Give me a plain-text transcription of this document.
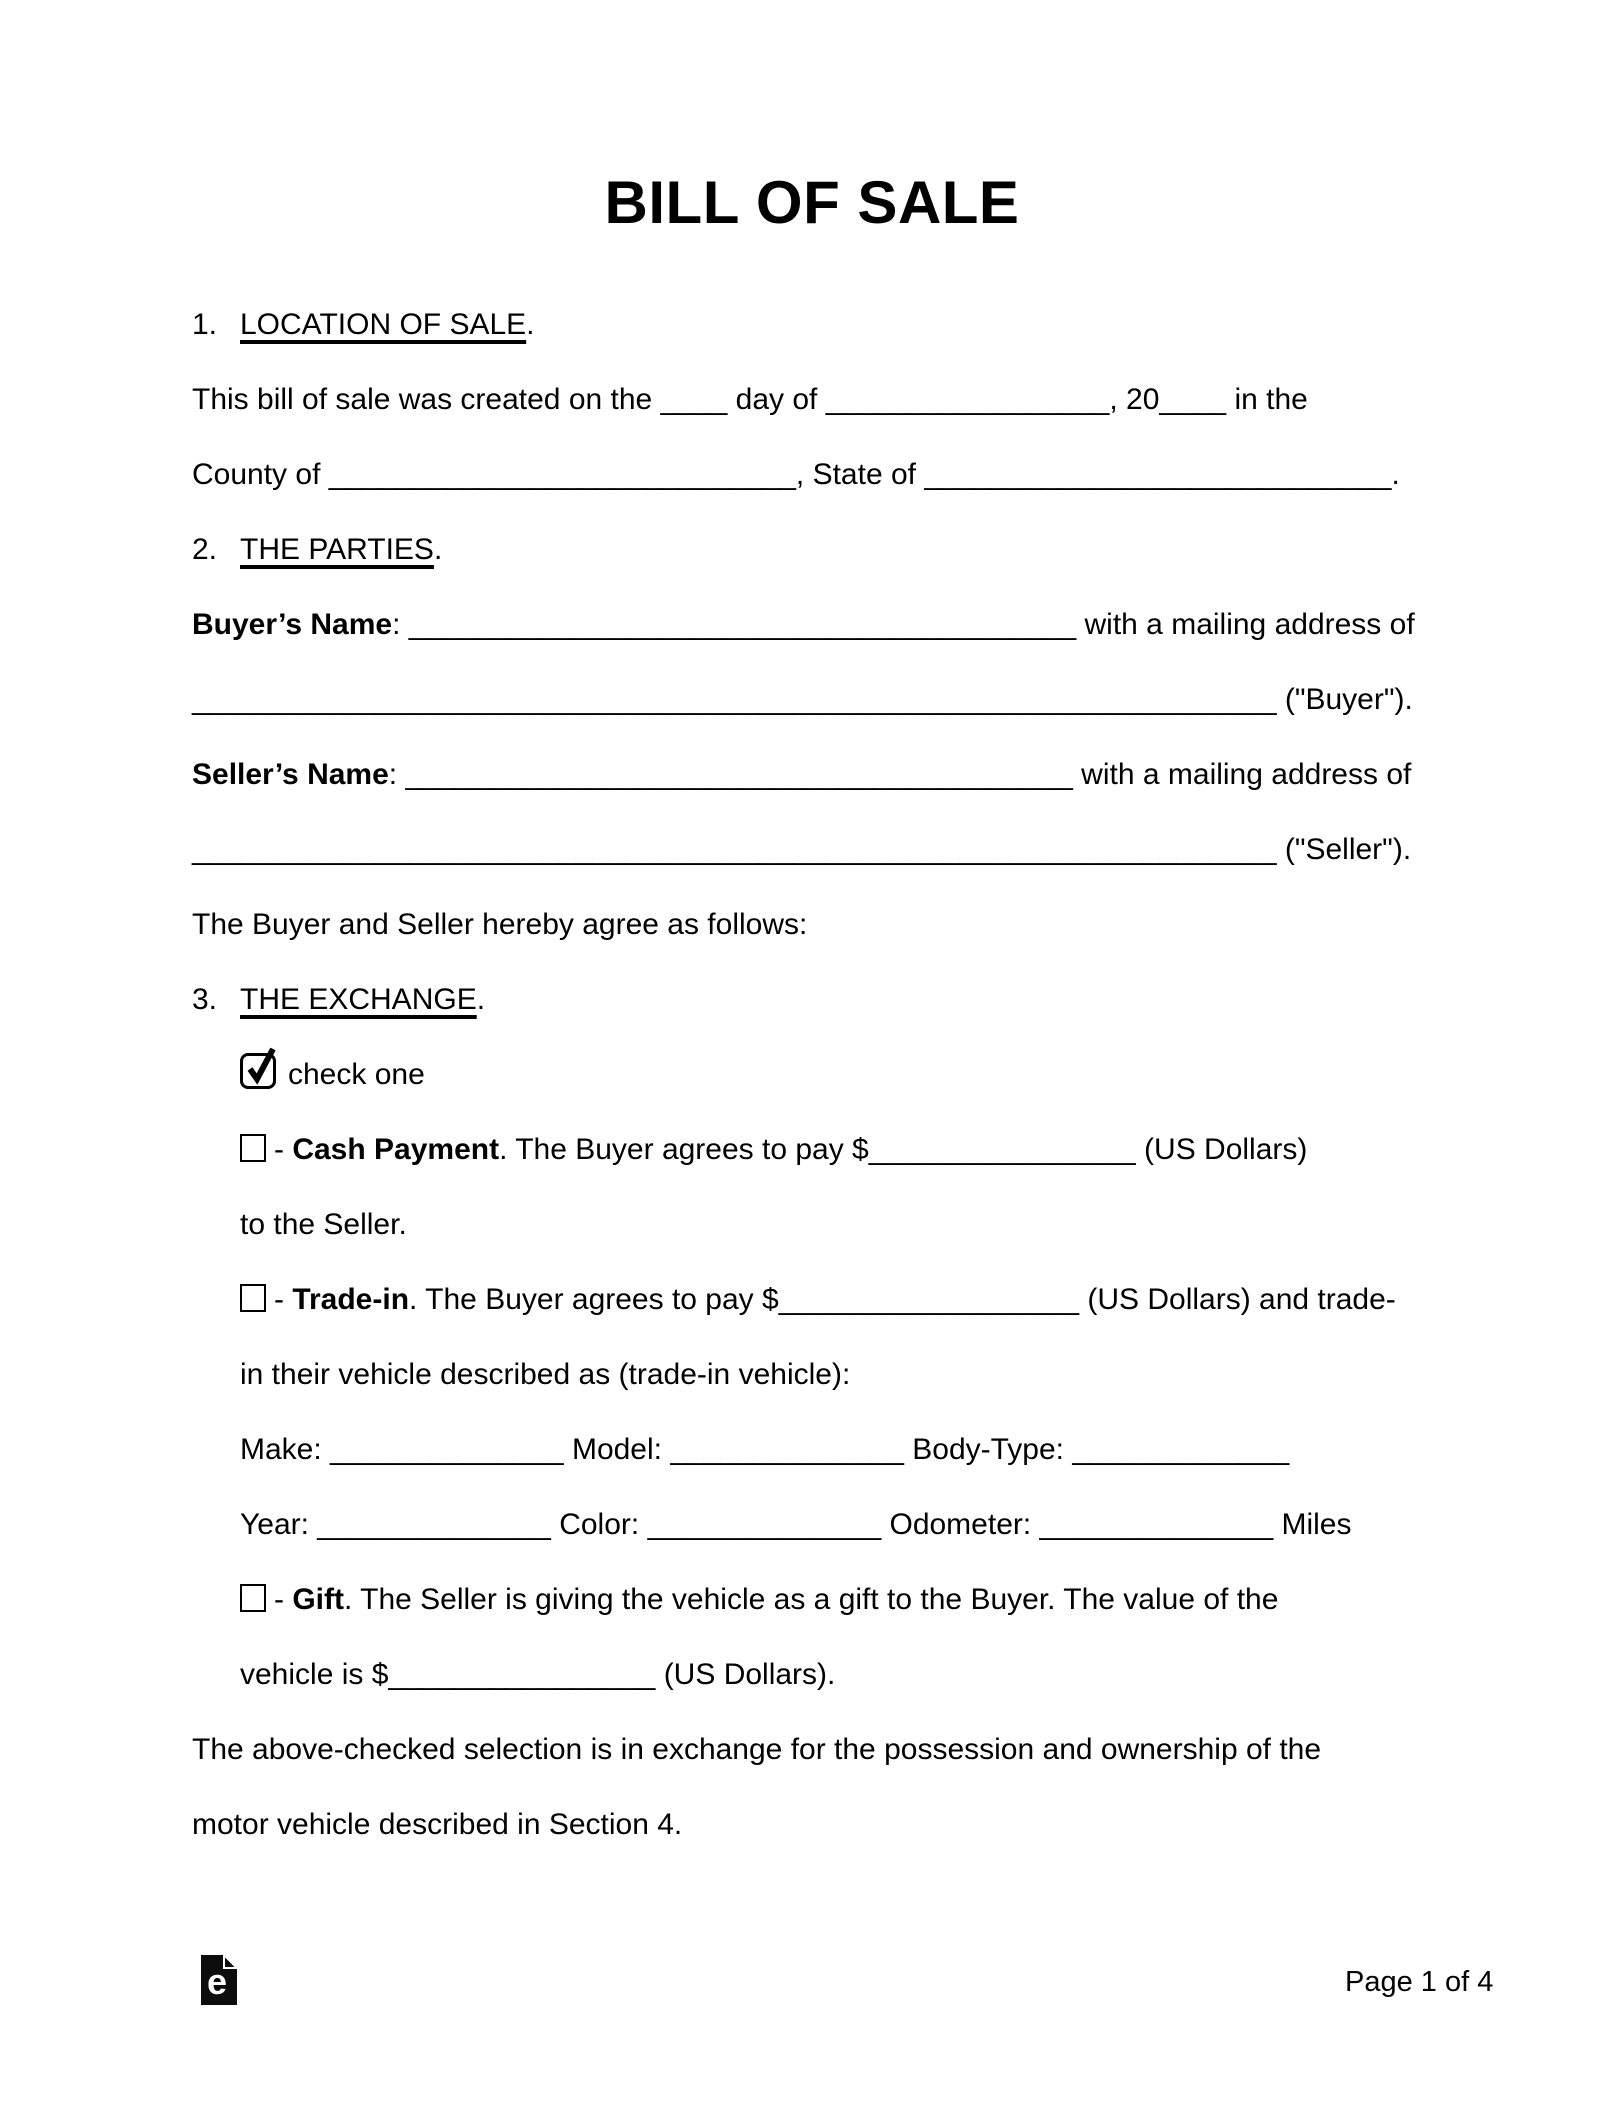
BILL OF SALE

1. LOCATION OF SALE.

This bill of sale was created on the ____ day of _________________, 20____ in the

County of ____________________________, State of ____________________________.

2. THE PARTIES.

Buyer’s Name: ________________________________________ with a mailing address of

_________________________________________________________________ ("Buyer").

Seller’s Name: ________________________________________ with a mailing address of

_________________________________________________________________ ("Seller").

The Buyer and Seller hereby agree as follows:

3. THE EXCHANGE.

check one

- Cash Payment. The Buyer agrees to pay $________________ (US Dollars)

to the Seller.

- Trade-in. The Buyer agrees to pay $__________________ (US Dollars) and trade-

in their vehicle described as (trade-in vehicle):

Make: ______________ Model: ______________ Body-Type: _____________

Year: ______________ Color: ______________ Odometer: ______________ Miles

- Gift. The Seller is giving the vehicle as a gift to the Buyer. The value of the

vehicle is $________________ (US Dollars).

The above-checked selection is in exchange for the possession and ownership of the

motor vehicle described in Section 4.

e	Page 1 of 4
